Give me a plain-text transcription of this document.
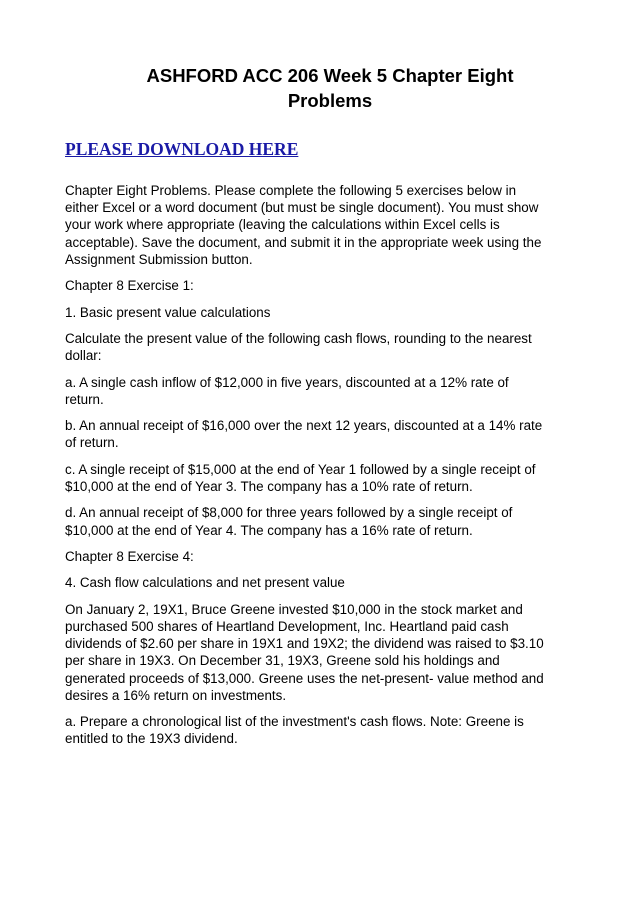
ASHFORD ACC 206 Week 5 Chapter Eight
Problems
PLEASE DOWNLOAD HERE

Chapter Eight Problems. Please complete the following 5 exercises below in
either Excel or a word document (but must be single document). You must show
your work where appropriate (leaving the calculations within Excel cells is
acceptable). Save the document, and submit it in the appropriate week using the
Assignment Submission button.

Chapter 8 Exercise 1:

1. Basic present value calculations

Calculate the present value of the following cash flows, rounding to the nearest
dollar:

a. A single cash inflow of $12,000 in five years, discounted at a 12% rate of
return.

b. An annual receipt of $16,000 over the next 12 years, discounted at a 14% rate
of return.

c. A single receipt of $15,000 at the end of Year 1 followed by a single receipt of
$10,000 at the end of Year 3. The company has a 10% rate of return.

d. An annual receipt of $8,000 for three years followed by a single receipt of
$10,000 at the end of Year 4. The company has a 16% rate of return.

Chapter 8 Exercise 4:

4. Cash flow calculations and net present value

On January 2, 19X1, Bruce Greene invested $10,000 in the stock market and
purchased 500 shares of Heartland Development, Inc. Heartland paid cash
dividends of $2.60 per share in 19X1 and 19X2; the dividend was raised to $3.10
per share in 19X3. On December 31, 19X3, Greene sold his holdings and
generated proceeds of $13,000. Greene uses the net-present- value method and
desires a 16% return on investments.

a. Prepare a chronological list of the investment's cash flows. Note: Greene is
entitled to the 19X3 dividend.
